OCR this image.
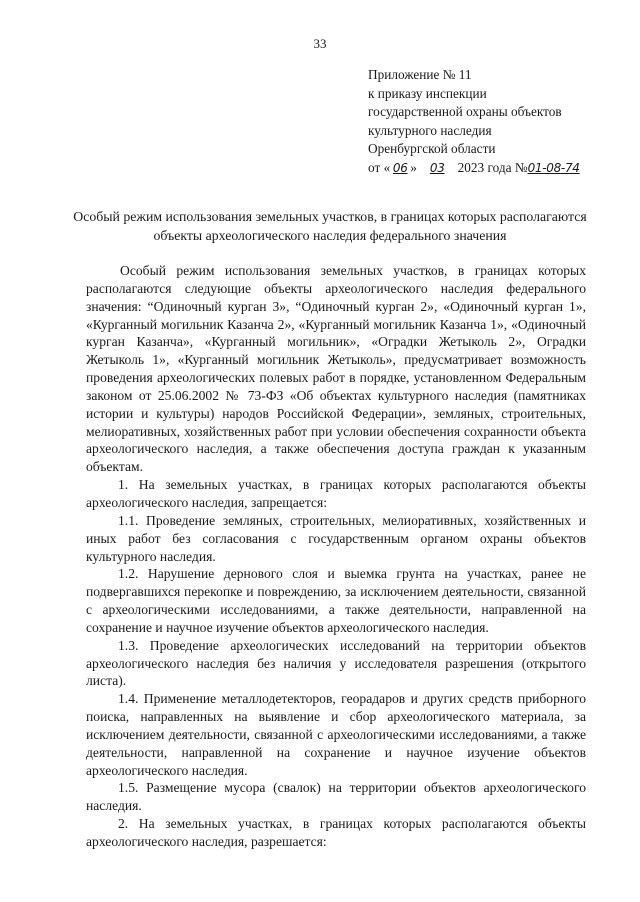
33
Приложение № 11
к приказу инспекции
государственной охраны объектов
культурного наследия
Оренбургской области
от « 06 » 03 2023 года №01-08-74
Особый режим использования земельных участков, в границах которых располагаются объекты археологического наследия федерального значения

Особый режим использования земельных участков, в границах которых располагаются следующие объекты археологического наследия федерального значения: “Одиночный курган 3», “Одиночный курган 2», «Одиночный курган 1», «Курганный могильник Казанча 2», «Курганный могильник Казанча 1», «Одиночный курган Казанча», «Курганный могильник», «Оградки Жетыколь 2», Оградки Жетыколь 1», «Курганный могильник Жетыколь», предусматривает возможность проведения археологических полевых работ в порядке, установленном Федеральным законом от 25.06.2002 № 73-ФЗ «Об объектах культурного наследия (памятниках истории и культуры) народов Российской Федерации», земляных, строительных, мелиоративных, хозяйственных работ при условии обеспечения сохранности объекта археологического наследия, а также обеспечения доступа граждан к указанным объектам.

1. На земельных участках, в границах которых располагаются объекты археологического наследия, запрещается:

1.1. Проведение земляных, строительных, мелиоративных, хозяйственных и иных работ без согласования с государственным органом охраны объектов культурного наследия.

1.2. Нарушение дернового слоя и выемка грунта на участках, ранее не подвергавшихся перекопке и повреждению, за исключением деятельности, связанной с археологическими исследованиями, а также деятельности, направленной на сохранение и научное изучение объектов археологического наследия.

1.3. Проведение археологических исследований на территории объектов археологического наследия без наличия у исследователя разрешения (открытого листа).

1.4. Применение металлодетекторов, георадаров и других средств приборного поиска, направленных на выявление и сбор археологического материала, за исключением деятельности, связанной с археологическими исследованиями, а также деятельности, направленной на сохранение и научное изучение объектов археологического наследия.

1.5. Размещение мусора (свалок) на территории объектов археологического наследия.

2. На земельных участках, в границах которых располагаются объекты археологического наследия, разрешается:
